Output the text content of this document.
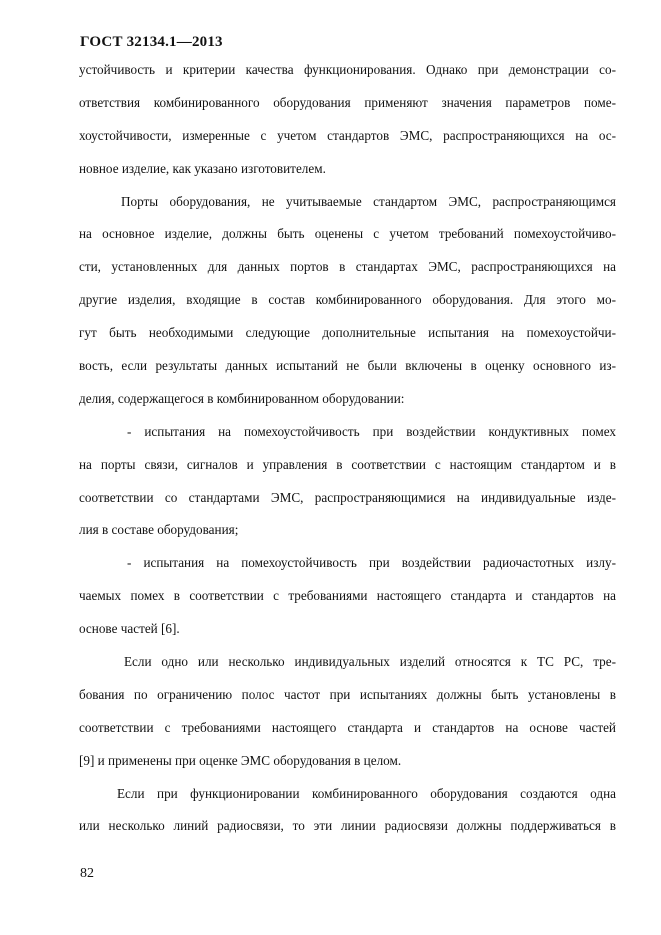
ГОСТ 32134.1—2013
устойчивость и критерии качества функционирования. Однако при демонстрации со-
ответствия комбинированного оборудования применяют значения параметров поме-
хоустойчивости, измеренные с учетом стандартов ЭМС, распространяющихся на ос-
новное изделие, как указано изготовителем.
Порты оборудования, не учитываемые стандартом ЭМС, распространяющимся
на основное изделие, должны быть оценены с учетом требований помехоустойчиво-
сти, установленных для данных портов в стандартах ЭМС, распространяющихся на
другие изделия, входящие в состав комбинированного оборудования. Для этого мо-
гут быть необходимыми следующие дополнительные испытания на помехоустойчи-
вость, если результаты данных испытаний не были включены в оценку основного из-
делия, содержащегося в комбинированном оборудовании:
- испытания на помехоустойчивость при воздействии кондуктивных помех
на порты связи, сигналов и управления в соответствии с настоящим стандартом и в
соответствии со стандартами ЭМС, распространяющимися на индивидуальные изде-
лия в составе оборудования;
- испытания на помехоустойчивость при воздействии радиочастотных излу-
чаемых помех в соответствии с требованиями настоящего стандарта и стандартов на
основе частей [6].
Если одно или несколько индивидуальных изделий относятся к ТС РС, тре-
бования по ограничению полос частот при испытаниях должны быть установлены в
соответствии с требованиями настоящего стандарта и стандартов на основе частей
[9] и применены при оценке ЭМС оборудования в целом.
Если при функционировании комбинированного оборудования создаются одна
или несколько линий радиосвязи, то эти линии радиосвязи должны поддерживаться в
82
